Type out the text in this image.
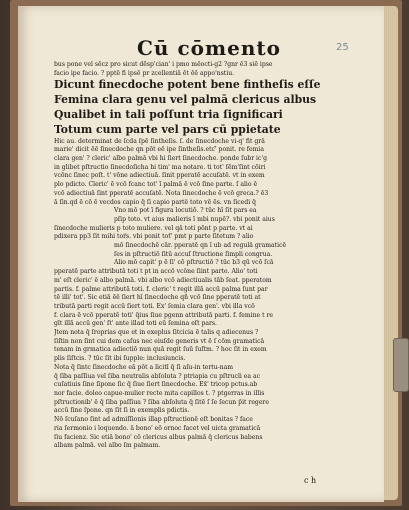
25
Cū cōmento

bus pone vel sēcz pro sicut dēsp'cian' i pmo mēocti-g2 ?gnr ē3 siē ipse

facio ipe facio. ? pptē fi ipsē pr zcellentiā ēt ēē appo'nstiu.

Dicunt finecdoche potent bene fintheſis eſſe

Femina clara genu vel palmā clericus albus

Qualibet in tali poſſunt tria ſignificari

Totum cum parte vel pars cū ppietate

Hic au. determinat de ſcda ſpē ſintheſis. ſ. de ſinecdoche vi-q' fit grā

marie' dicit ēē ſinecdoche qn pōt eē ipe ſintheſis.etc'̄ ponit. re femia

clara gen' ? cleric' albo palmā vbi hi ſiert ſinecdoche. ponde ſubr ic'g

in glibet pſtructio ſinecdoſicha hi tim' ma notare. ti tot' ſēm'ſint cōiri

vcōnc ſinec poſt. t' vōne adiectiuā. ſinit pperatē accuſatē. vt in exem

plo pdicto. Cleric' ē vcō fcanc tot' ĩ palmā ē vcō ſine parte. ſ alio ē

vcō adiectiuā ſint pperatē accuſatē. Nota ſinecdoche ē vcō greca.? ē3

ā ſin.qd ē cō ē vecdos capio q̄ ſi capio parte̅ toto vē ēs. vn ſicedi q̄

Vno mō pot ī figura locutiō. ? tūc hī ſit pars ea

pſip toto. vt aius malieris ī mbi nupē?. vbi ponit aius

ſinecdoche mulieris p toto muliere. vel qā toti pōnt p parte. vt ai

pdixera pp3 ſit mihi toŕs. vbi ponit toť' pmt p parte ſitetum ? alio

mō ſinecdochē cār. pperatē qn ī ub ad regulā gramaticē

ſes in pſtructiō ſitū accuſ ſtructione ſimpli congrua.

Alio mō capit' p ē ſi' cō pſtructiō ? tūc b3 qū vcō ſcā

pperatē parte attributā toti t pt in accō vcōne ſiint parte. Alio' toti

m' eſt cleric' ē albo palmā. vbi albo vcō adiectiualis tāb ſeat. pperatom

partis. f. palme attributā toti. f. cleric' t regit illā accū palma ſunt par

tē illi' tot'. Sic etiā ēē ſiert hī ſinecdoche qñ vcō ſine pperatē toti at

tributā parti regit accū ſiert toti. Ex' ſemia clara gen'. vbi illa vcō

f. clara ē vcō pperatē toti' q̄ius ſiue pgenn attributā parti. f. femine t re

gīt illā accū gen' ſt' ante illad toti eū ſemina eſt pars.

Jtem nota q̄ ſroprias que et in exeplus ſitcicia ē talis q adiecenus ?

ſiſtin non ſint cui dem caſus nec eiuſde generis vt ē ſ cōm gramaticā

tenam in grmatica adiectiō nun quā regit ſuū ſuſtm. ? hoc ſit in exem

plis ſiſtcis. ? tūc ſit ibi ſupple: inclusiuncis.

Nota q̄ ſintc ſinecdoche eā pōt a licitī q̄ ſi aſu-in tertu-nam

q̄ ſiba paſſiua vel ſiba neutralis abſoluta ? ptriapia cu pſtrucli ea ac

cuſatiuis ſine ſipone ſic q̄ ſiue ſiert ſinecdoche. Ex̄' tricop pctus.ab

nor facie. doleo capue-mulier recte mita capillos t. ? ptgerras in illis

pſtructionib' ē q̄ ſiba paſſiua ? ſiba abſoluta q̄ ſitē ſ ſe ſecun p̄it regere

accū ſine ſpone. qn ſit ſi in exemplis pdictis.

Nō ſcuſano ſint ad admiſſionis illap pſtructionē eſt bonitas ? face

ria ſermonio i loquendo. ā bono' eō ornoc facet vel uicta gramaticā

ſiu facienz. Sic etiā bono' cō clericus albus palmā q̄ clericus babens

albam palmā. vel albo ſm palmam.

c h
